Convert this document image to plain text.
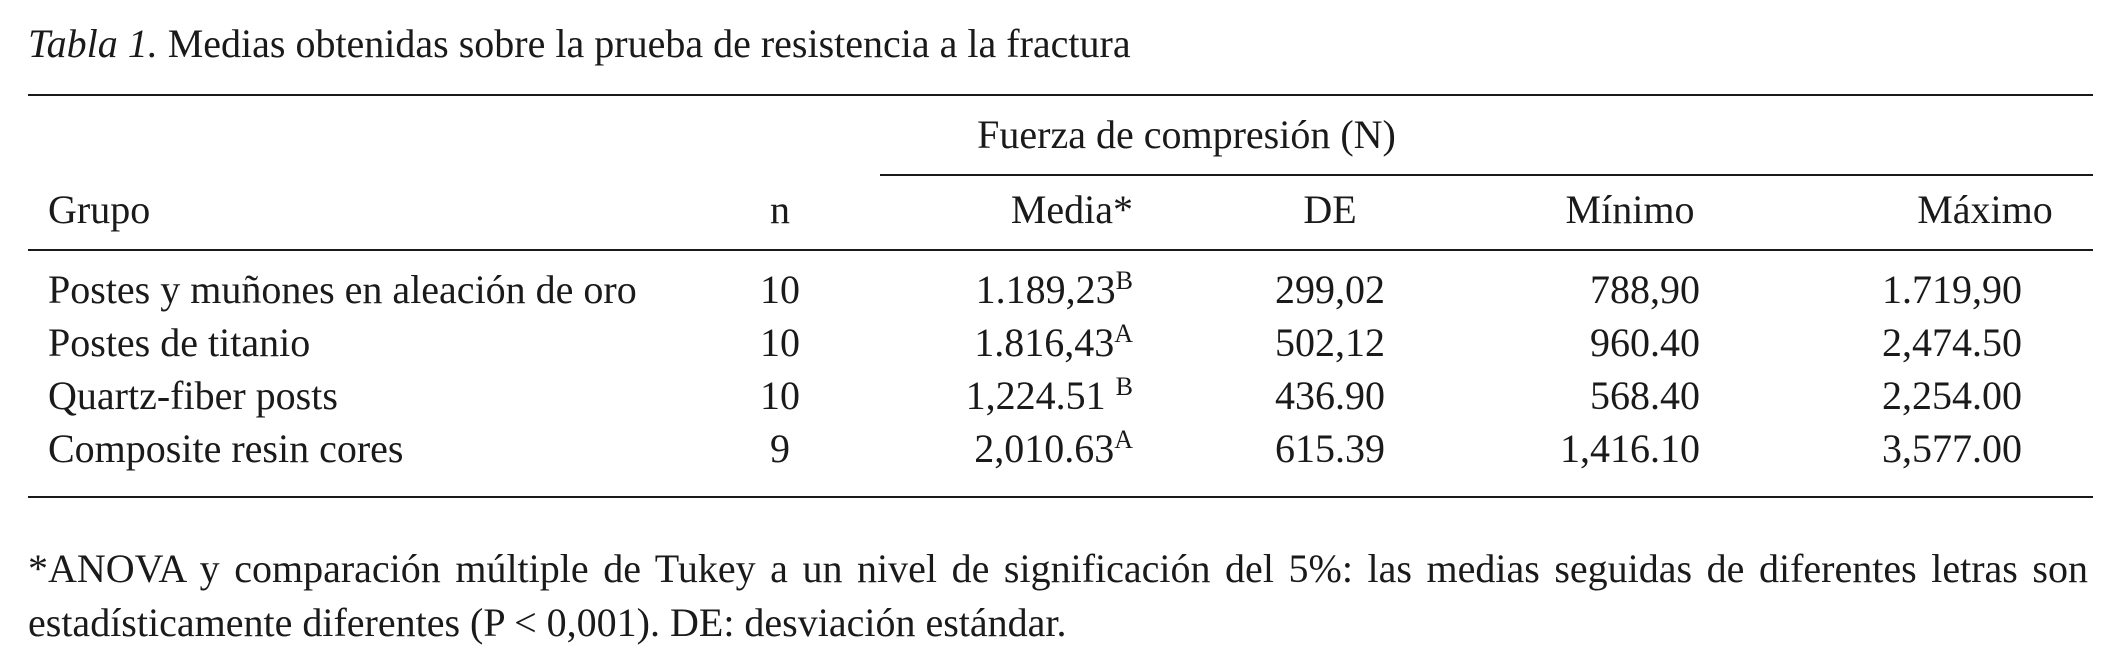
Tabla 1. Medias obtenidas sobre la prueba de resistencia a la fractura
Fuerza de compresión (N)
Grupo	n	Media*	DE	Mínimo	Máximo
Postes y muñones en aleación de oro	10	$1.189,23^B$	299,02	788,90	1.719,90
Postes de titanio	10	$1.816,43^A$	502,12	960.40	2,474.50
Quartz-fiber posts	10	1,224.51 $^B$	436.90	568.40	2,254.00
Composite resin cores	9	$2,010.63^A$	615.39	1,416.10	3,577.00
*ANOVA y comparación múltiple de Tukey a un nivel de significación del 5%: las medias seguidas de diferentes letras son estadísticamente diferentes (P < 0,001). DE: desviación estándar.
